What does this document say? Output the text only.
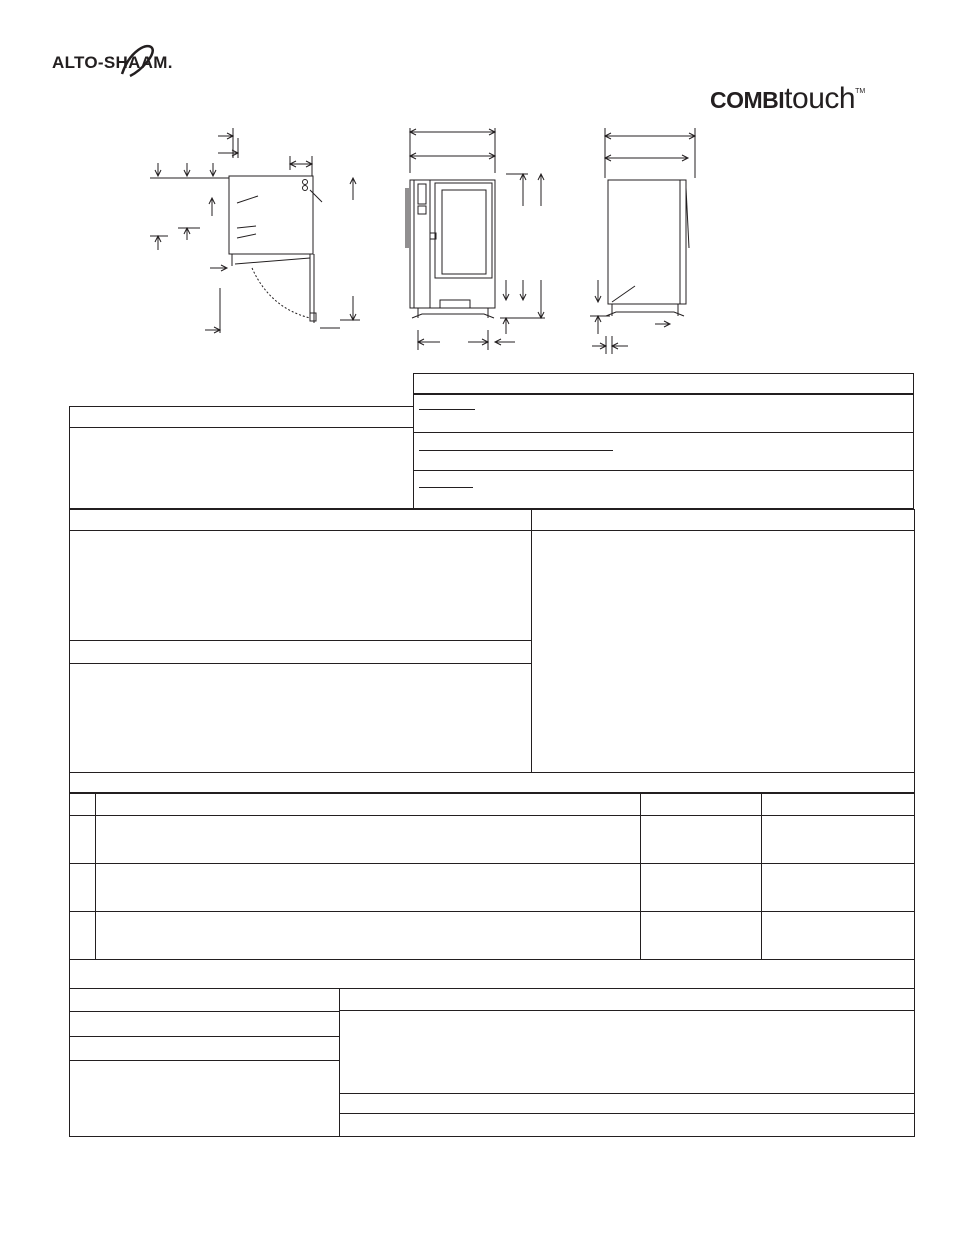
ALTO-SHAAM.
COMBItouch™
